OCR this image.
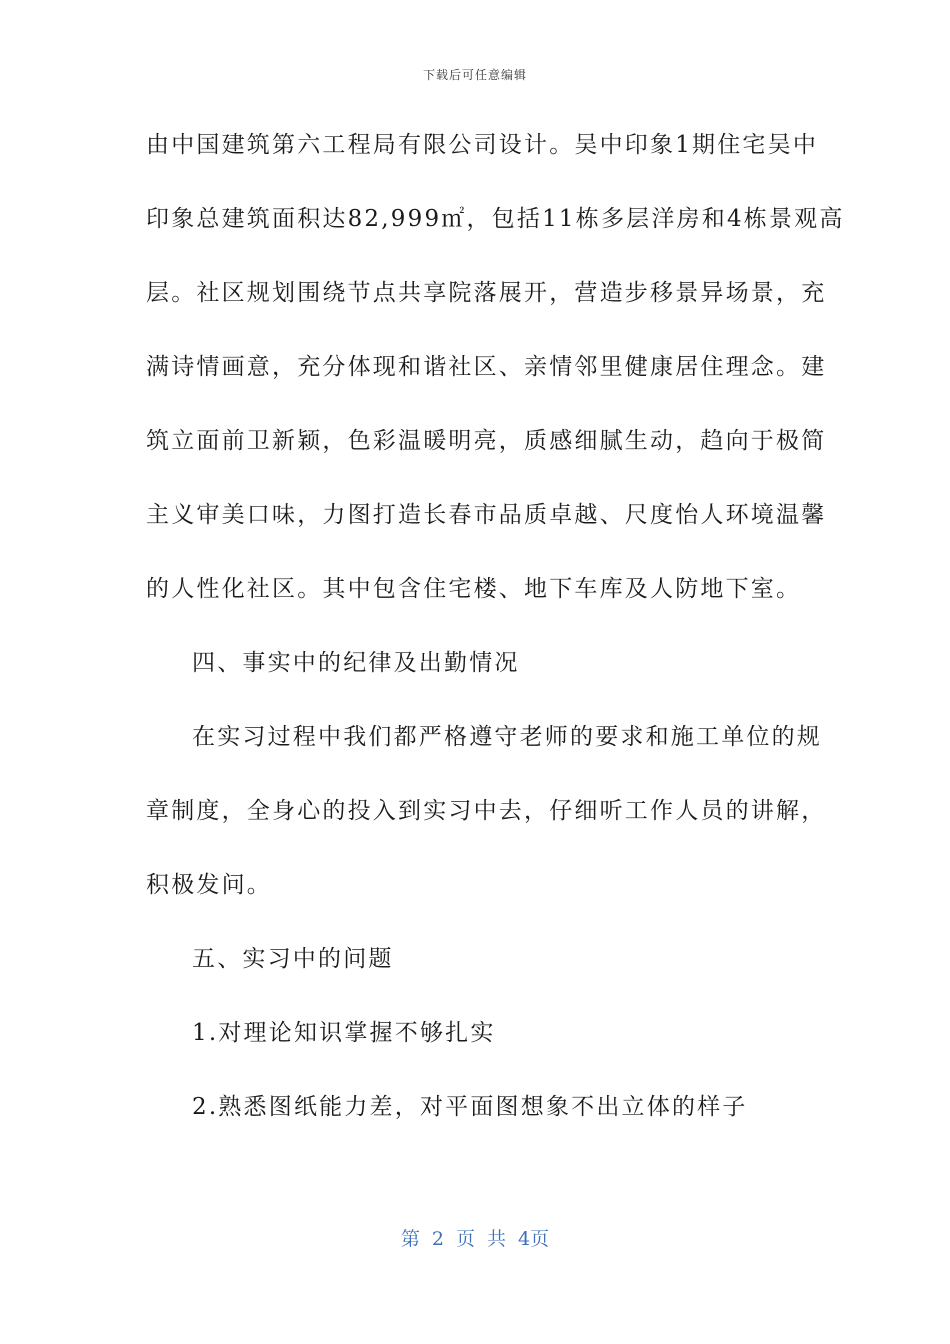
下载后可任意编辑
由中国建筑第六工程局有限公司设计。吴中印象1期住宅吴中
印象总建筑面积达82,999㎡，包括11栋多层洋房和4栋景观高
层。社区规划围绕节点共享院落展开，营造步移景异场景，充
满诗情画意，充分体现和谐社区、亲情邻里健康居住理念。建
筑立面前卫新颖，色彩温暖明亮，质感细腻生动，趋向于极简
主义审美口味，力图打造长春市品质卓越、尺度怡人环境温馨
的人性化社区。其中包含住宅楼、地下车库及人防地下室。
四、事实中的纪律及出勤情况
在实习过程中我们都严格遵守老师的要求和施工单位的规
章制度，全身心的投入到实习中去，仔细听工作人员的讲解，
积极发问。
五、实习中的问题
1.对理论知识掌握不够扎实
2.熟悉图纸能力差，对平面图想象不出立体的样子
第 2 页 共 4页
